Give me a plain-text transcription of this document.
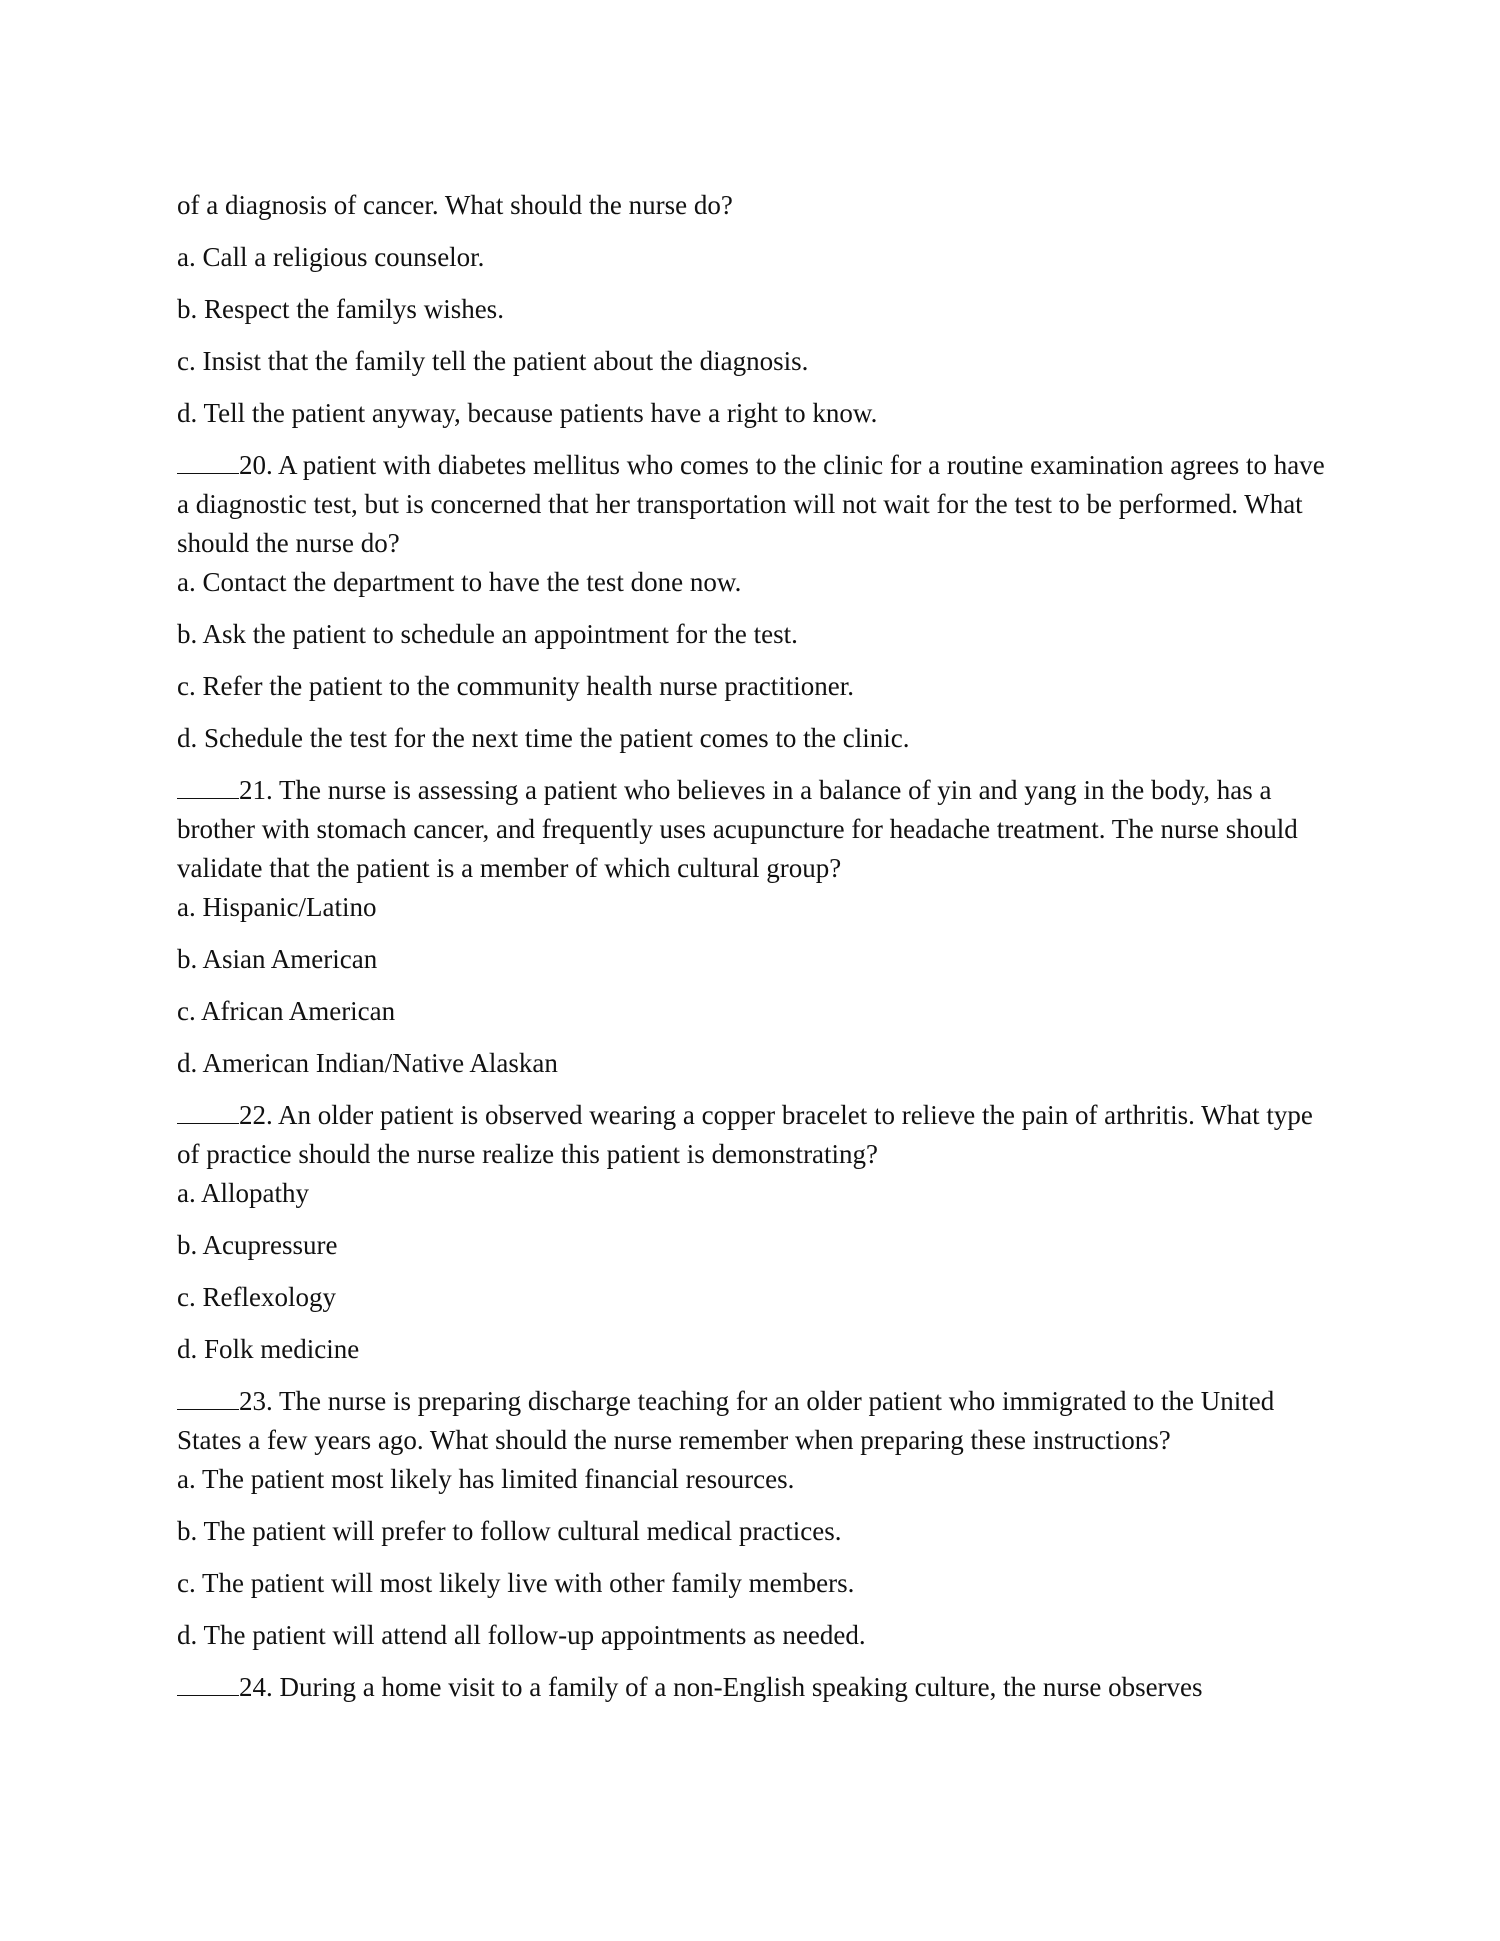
of a diagnosis of cancer. What should the nurse do?
a. Call a religious counselor.
b. Respect the familys wishes.
c. Insist that the family tell the patient about the diagnosis.
d. Tell the patient anyway, because patients have a right to know.
20. A patient with diabetes mellitus who comes to the clinic for a routine examination agrees to have a diagnostic test, but is concerned that her transportation will not wait for the test to be performed. What should the nurse do?
a. Contact the department to have the test done now.
b. Ask the patient to schedule an appointment for the test.
c. Refer the patient to the community health nurse practitioner.
d. Schedule the test for the next time the patient comes to the clinic.
21. The nurse is assessing a patient who believes in a balance of yin and yang in the body, has a brother with stomach cancer, and frequently uses acupuncture for headache treatment. The nurse should validate that the patient is a member of which cultural group?
a. Hispanic/Latino
b. Asian American
c. African American
d. American Indian/Native Alaskan
22. An older patient is observed wearing a copper bracelet to relieve the pain of arthritis. What type of practice should the nurse realize this patient is demonstrating?
a. Allopathy
b. Acupressure
c. Reflexology
d. Folk medicine
23. The nurse is preparing discharge teaching for an older patient who immigrated to the United States a few years ago. What should the nurse remember when preparing these instructions?
a. The patient most likely has limited financial resources.
b. The patient will prefer to follow cultural medical practices.
c. The patient will most likely live with other family members.
d. The patient will attend all follow-up appointments as needed.
24. During a home visit to a family of a non-English speaking culture, the nurse observes
